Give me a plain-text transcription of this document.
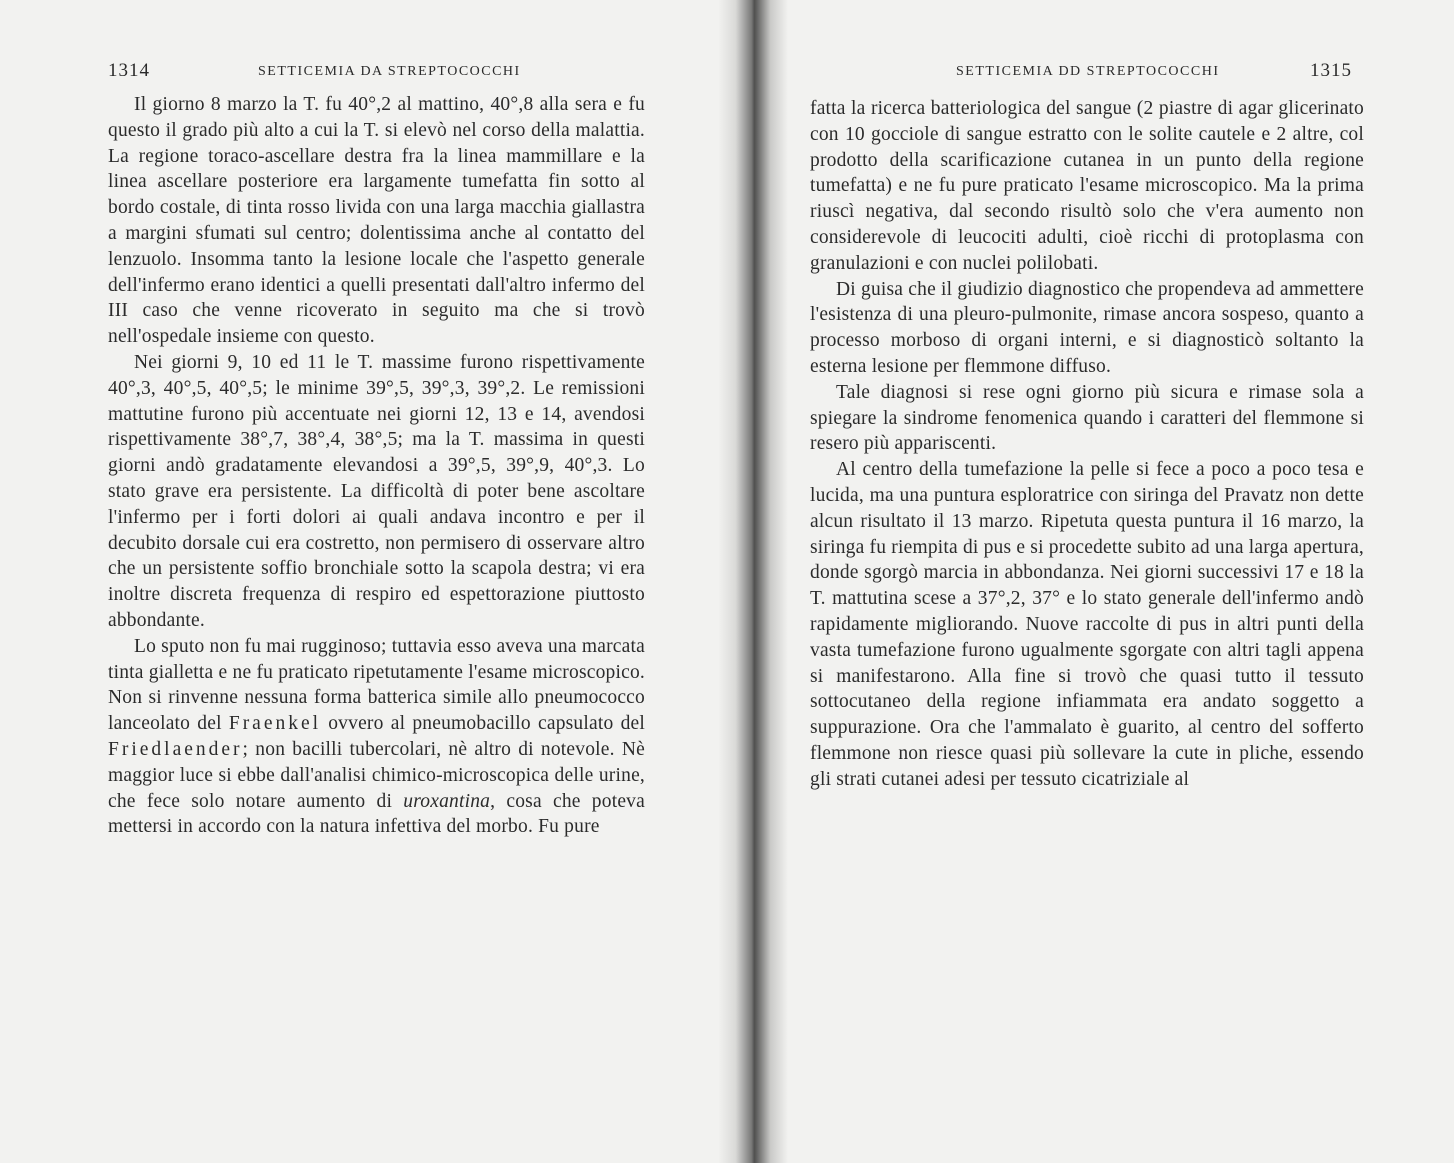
1314	SETTICEMIA DA STREPTOCOCCHI

Il giorno 8 marzo la T. fu 40°,2 al mattino, 40°,8 alla sera e fu questo il grado più alto a cui la T. si elevò nel corso della malattia. La regione toraco-ascellare destra fra la linea mammillare e la linea ascellare posteriore era largamente tumefatta fin sotto al bordo costale, di tinta rosso livida con una larga macchia giallastra a margini sfumati sul centro; dolentissima anche al contatto del lenzuolo. Insomma tanto la lesione locale che l'aspetto generale dell'infermo erano identici a quelli presentati dall'altro infermo del III caso che venne ricoverato in seguito ma che si trovò nell'ospedale insieme con questo.

Nei giorni 9, 10 ed 11 le T. massime furono rispettivamente 40°,3, 40°,5, 40°,5; le minime 39°,5, 39°,3, 39°,2. Le remissioni mattutine furono più accentuate nei giorni 12, 13 e 14, avendosi rispettivamente 38°,7, 38°,4, 38°,5; ma la T. massima in questi giorni andò gradatamente elevandosi a 39°,5, 39°,9, 40°,3. Lo stato grave era persistente. La difficoltà di poter bene ascoltare l'infermo per i forti dolori ai quali andava incontro e per il decubito dorsale cui era costretto, non permisero di osservare altro che un persistente soffio bronchiale sotto la scapola destra; vi era inoltre discreta frequenza di respiro ed espettorazione piuttosto abbondante.

Lo sputo non fu mai rugginoso; tuttavia esso aveva una marcata tinta gialletta e ne fu praticato ripetutamente l'esame microscopico. Non si rinvenne nessuna forma batterica simile allo pneumococco lanceolato del Fraenkel ovvero al pneumobacillo capsulato del Friedlaender; non bacilli tubercolari, nè altro di notevole. Nè maggior luce si ebbe dall'analisi chimico-microscopica delle urine, che fece solo notare aumento di uroxantina, cosa che poteva mettersi in accordo con la natura infettiva del morbo. Fu pure

SETTICEMIA DD STREPTOCOCCHI	1315

fatta la ricerca batteriologica del sangue (2 piastre di agar glicerinato con 10 gocciole di sangue estratto con le solite cautele e 2 altre, col prodotto della scarificazione cutanea in un punto della regione tumefatta) e ne fu pure praticato l'esame microscopico. Ma la prima riuscì negativa, dal secondo risultò solo che v'era aumento non considerevole di leucociti adulti, cioè ricchi di protoplasma con granulazioni e con nuclei polilobati.

Di guisa che il giudizio diagnostico che propendeva ad ammettere l'esistenza di una pleuro-pulmonite, rimase ancora sospeso, quanto a processo morboso di organi interni, e si diagnosticò soltanto la esterna lesione per flemmone diffuso.

Tale diagnosi si rese ogni giorno più sicura e rimase sola a spiegare la sindrome fenomenica quando i caratteri del flemmone si resero più appariscenti.

Al centro della tumefazione la pelle si fece a poco a poco tesa e lucida, ma una puntura esploratrice con siringa del Pravatz non dette alcun risultato il 13 marzo. Ripetuta questa puntura il 16 marzo, la siringa fu riempita di pus e si procedette subito ad una larga apertura, donde sgorgò marcia in abbondanza. Nei giorni successivi 17 e 18 la T. mattutina scese a 37°,2, 37° e lo stato generale dell'infermo andò rapidamente migliorando. Nuove raccolte di pus in altri punti della vasta tumefazione furono ugualmente sgorgate con altri tagli appena si manifestarono. Alla fine si trovò che quasi tutto il tessuto sottocutaneo della regione infiammata era andato soggetto a suppurazione. Ora che l'ammalato è guarito, al centro del sofferto flemmone non riesce quasi più sollevare la cute in pliche, essendo gli strati cutanei adesi per tessuto cicatriziale al
